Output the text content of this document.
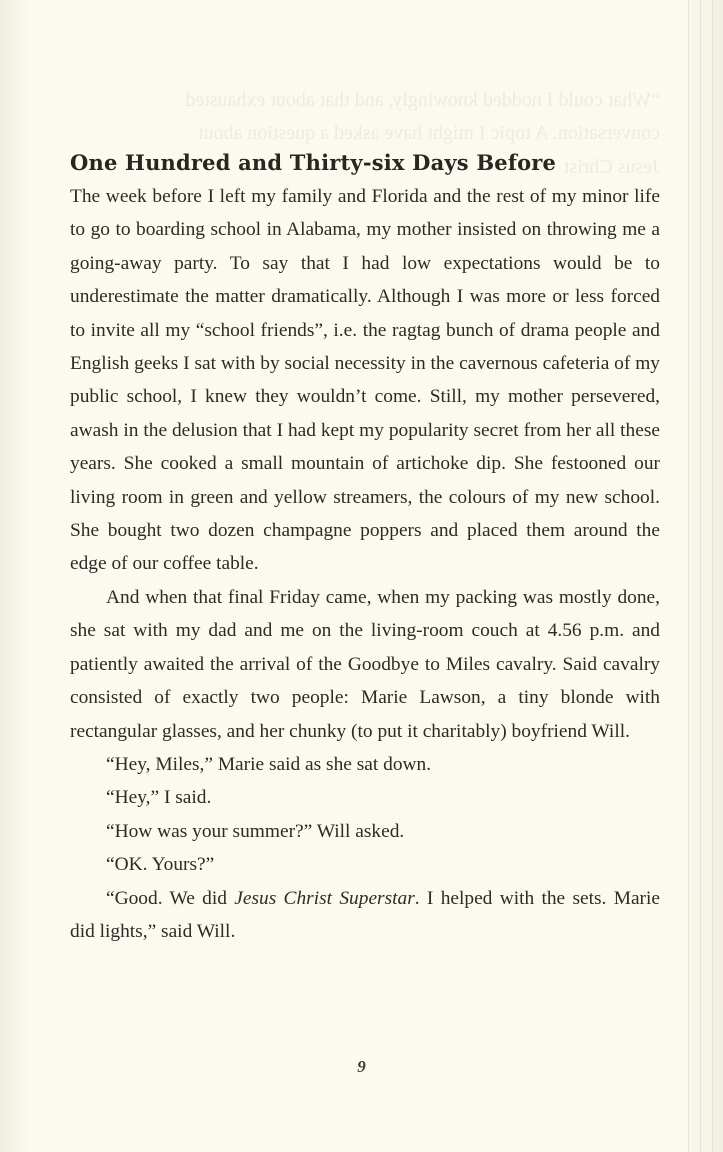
“What could I nodded knowingly, and that about exhausted
conversation. A topic I might have asked a question about
Jesus Christ
One Hundred and Thirty-six Days Before

The week before I left my family and Florida and the rest of my minor life to go to boarding school in Alabama, my mother insisted on throwing me a going-away party. To say that I had low expectations would be to underestimate the matter dramatically. Although I was more or less forced to invite all my “school friends”, i.e. the ragtag bunch of drama people and English geeks I sat with by social necessity in the cavernous cafeteria of my public school, I knew they wouldn’t come. Still, my mother persevered, awash in the delusion that I had kept my popularity secret from her all these years. She cooked a small mountain of artichoke dip. She festooned our living room in green and yellow streamers, the colours of my new school. She bought two dozen champagne poppers and placed them around the edge of our coffee table.

And when that final Friday came, when my packing was mostly done, she sat with my dad and me on the living-room couch at 4.56 p.m. and patiently awaited the arrival of the Goodbye to Miles cavalry. Said cavalry consisted of exactly two people: Marie Lawson, a tiny blonde with rectangular glasses, and her chunky (to put it charitably) boyfriend Will.

“Hey, Miles,” Marie said as she sat down.

“Hey,” I said.

“How was your summer?” Will asked.

“OK. Yours?”

“Good. We did Jesus Christ Superstar. I helped with the sets. Marie did lights,” said Will.

9
